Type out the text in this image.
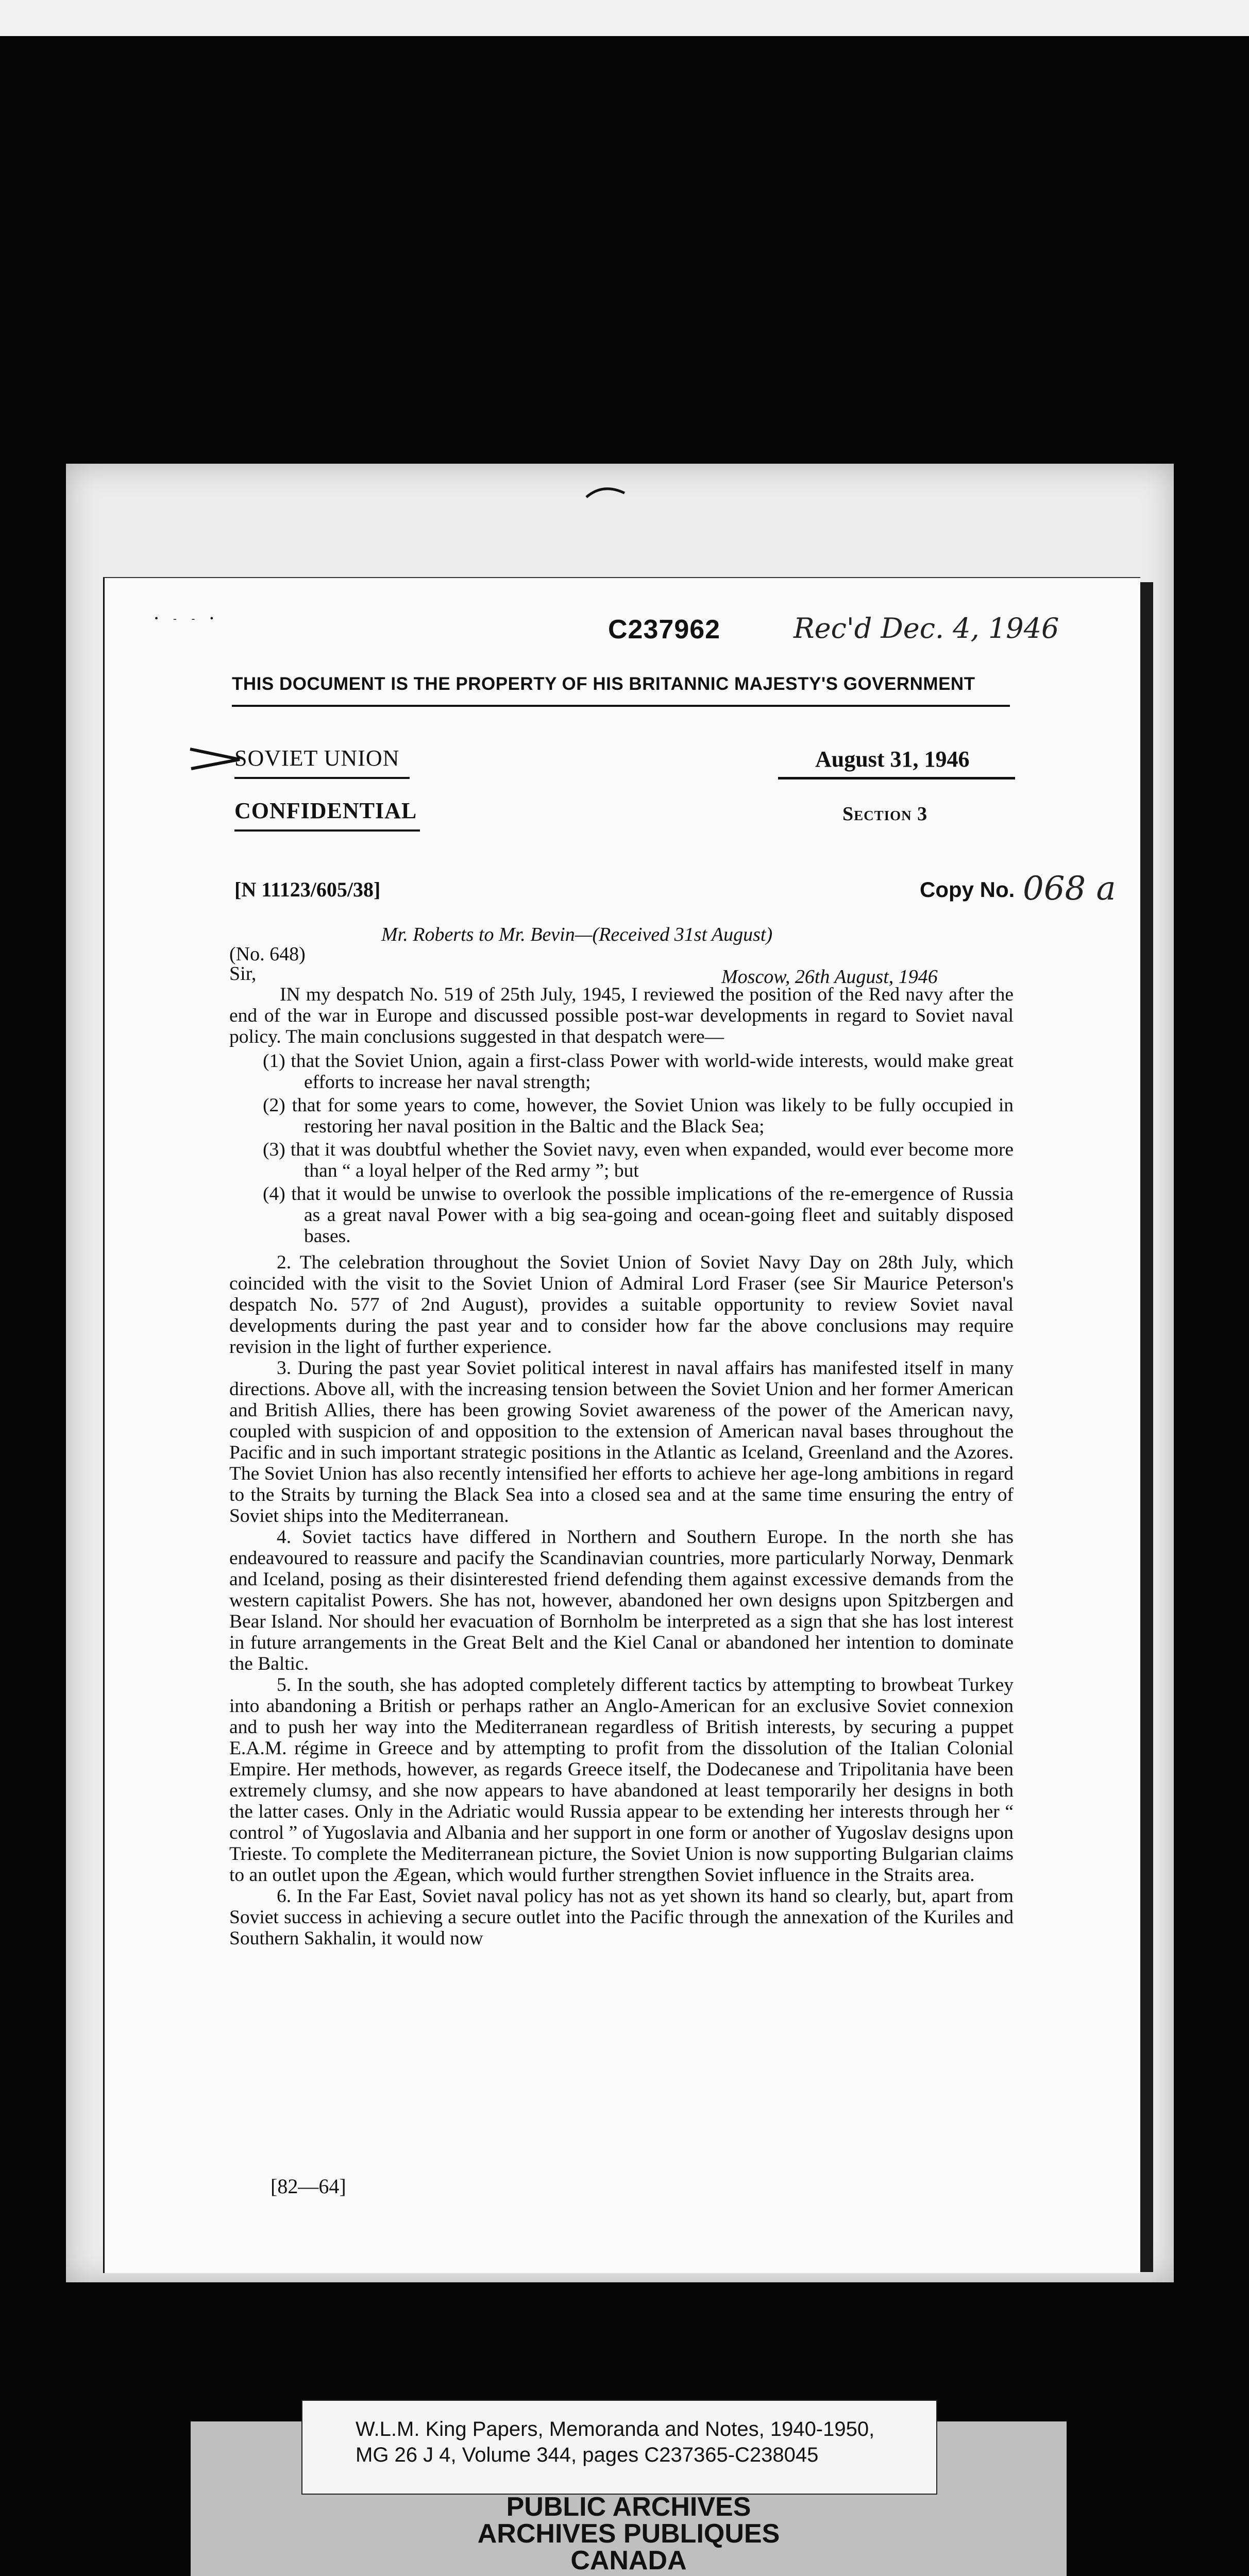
• - - •	C237962	Rec'd Dec. 4, 1946
THIS DOCUMENT IS THE PROPERTY OF HIS BRITANNIC MAJESTY'S GOVERNMENT
SOVIET UNION
CONFIDENTIAL
August 31, 1946
Section 3
[N 11123/605/38]	Copy No. 068 a
Mr. Roberts to Mr. Bevin—(Received 31st August)
(No. 648)
Sir,	Moscow, 26th August, 1946

IN my despatch No. 519 of 25th July, 1945, I reviewed the position of the Red navy after the end of the war in Europe and discussed possible post-war developments in regard to Soviet naval policy. The main conclusions suggested in that despatch were—

(1) that the Soviet Union, again a first-class Power with world-wide interests, would make great efforts to increase her naval strength;
(2) that for some years to come, however, the Soviet Union was likely to be fully occupied in restoring her naval position in the Baltic and the Black Sea;
(3) that it was doubtful whether the Soviet navy, even when expanded, would ever become more than “ a loyal helper of the Red army ”; but
(4) that it would be unwise to overlook the possible implications of the re-emergence of Russia as a great naval Power with a big sea-going and ocean-going fleet and suitably disposed bases.

2. The celebration throughout the Soviet Union of Soviet Navy Day on 28th July, which coincided with the visit to the Soviet Union of Admiral Lord Fraser (see Sir Maurice Peterson's despatch No. 577 of 2nd August), provides a suitable opportunity to review Soviet naval developments during the past year and to consider how far the above conclusions may require revision in the light of further experience.

3. During the past year Soviet political interest in naval affairs has manifested itself in many directions. Above all, with the increasing tension between the Soviet Union and her former American and British Allies, there has been growing Soviet awareness of the power of the American navy, coupled with suspicion of and opposition to the extension of American naval bases throughout the Pacific and in such important strategic positions in the Atlantic as Iceland, Greenland and the Azores. The Soviet Union has also recently intensified her efforts to achieve her age-long ambitions in regard to the Straits by turning the Black Sea into a closed sea and at the same time ensuring the entry of Soviet ships into the Mediterranean.

4. Soviet tactics have differed in Northern and Southern Europe. In the north she has endeavoured to reassure and pacify the Scandinavian countries, more particularly Norway, Denmark and Iceland, posing as their disinterested friend defending them against excessive demands from the western capitalist Powers. She has not, however, abandoned her own designs upon Spitzbergen and Bear Island. Nor should her evacuation of Bornholm be interpreted as a sign that she has lost interest in future arrangements in the Great Belt and the Kiel Canal or abandoned her intention to dominate the Baltic.

5. In the south, she has adopted completely different tactics by attempting to browbeat Turkey into abandoning a British or perhaps rather an Anglo-American for an exclusive Soviet connexion and to push her way into the Mediterranean regardless of British interests, by securing a puppet E.A.M. régime in Greece and by attempting to profit from the dissolution of the Italian Colonial Empire. Her methods, however, as regards Greece itself, the Dodecanese and Tripolitania have been extremely clumsy, and she now appears to have abandoned at least temporarily her designs in both the latter cases. Only in the Adriatic would Russia appear to be extending her interests through her “ control ” of Yugoslavia and Albania and her support in one form or another of Yugoslav designs upon Trieste. To complete the Mediterranean picture, the Soviet Union is now supporting Bulgarian claims to an outlet upon the Ægean, which would further strengthen Soviet influence in the Straits area.

6. In the Far East, Soviet naval policy has not as yet shown its hand so clearly, but, apart from Soviet success in achieving a secure outlet into the Pacific through the annexation of the Kuriles and Southern Sakhalin, it would now

[82—64]
W.L.M. King Papers, Memoranda and Notes, 1940-1950,
MG 26 J 4, Volume 344, pages C237365-C238045
PUBLIC ARCHIVES
ARCHIVES PUBLIQUES
CANADA
